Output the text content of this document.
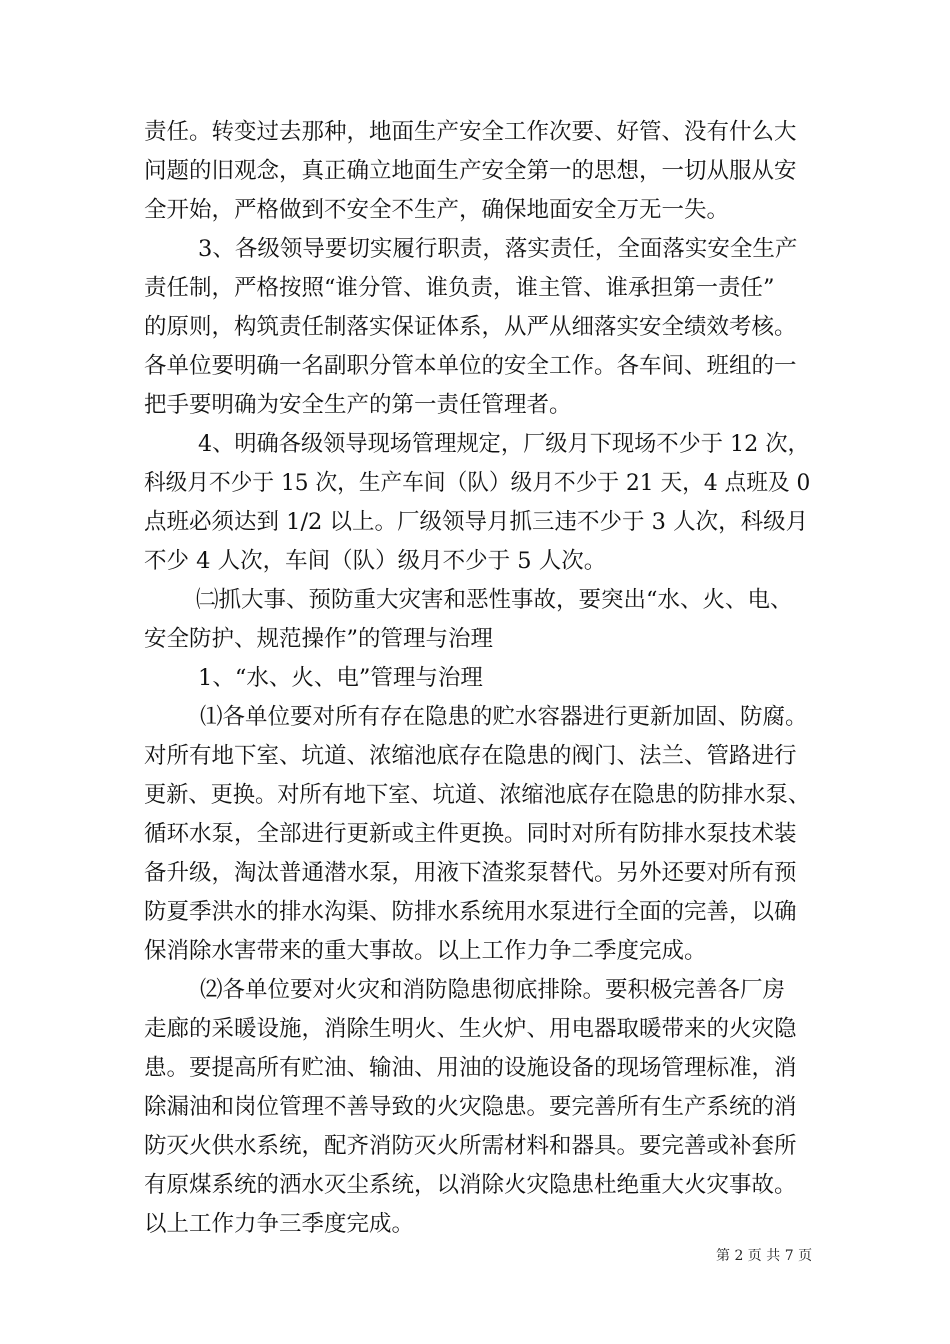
责任。转变过去那种，地面生产安全工作次要、好管、没有什么大
问题的旧观念，真正确立地面生产安全第一的思想，一切从服从安
全开始，严格做到不安全不生产，确保地面安全万无一失。
3、各级领导要切实履行职责，落实责任，全面落实安全生产
责任制，严格按照“谁分管、谁负责，谁主管、谁承担第一责任”
的原则，构筑责任制落实保证体系，从严从细落实安全绩效考核。
各单位要明确一名副职分管本单位的安全工作。各车间、班组的一
把手要明确为安全生产的第一责任管理者。
4、明确各级领导现场管理规定，厂级月下现场不少于 12 次，
科级月不少于 15 次，生产车间（队）级月不少于 21 天，4 点班及 0
点班必须达到 1/2 以上。厂级领导月抓三违不少于 3 人次，科级月
不少 4 人次，车间（队）级月不少于 5 人次。
㈡抓大事、预防重大灾害和恶性事故，要突出“水、火、电、
安全防护、规范操作”的管理与治理
1、“水、火、电”管理与治理
⑴各单位要对所有存在隐患的贮水容器进行更新加固、防腐。
对所有地下室、坑道、浓缩池底存在隐患的阀门、法兰、管路进行
更新、更换。对所有地下室、坑道、浓缩池底存在隐患的防排水泵、
循环水泵，全部进行更新或主件更换。同时对所有防排水泵技术装
备升级，淘汰普通潜水泵，用液下渣浆泵替代。另外还要对所有预
防夏季洪水的排水沟渠、防排水系统用水泵进行全面的完善，以确
保消除水害带来的重大事故。以上工作力争二季度完成。
⑵各单位要对火灾和消防隐患彻底排除。要积极完善各厂房
走廊的采暖设施，消除生明火、生火炉、用电器取暖带来的火灾隐
患。要提高所有贮油、输油、用油的设施设备的现场管理标准，消
除漏油和岗位管理不善导致的火灾隐患。要完善所有生产系统的消
防灭火供水系统，配齐消防灭火所需材料和器具。要完善或补套所
有原煤系统的洒水灭尘系统，以消除火灾隐患杜绝重大火灾事故。
以上工作力争三季度完成。
第 2 页 共 7 页
